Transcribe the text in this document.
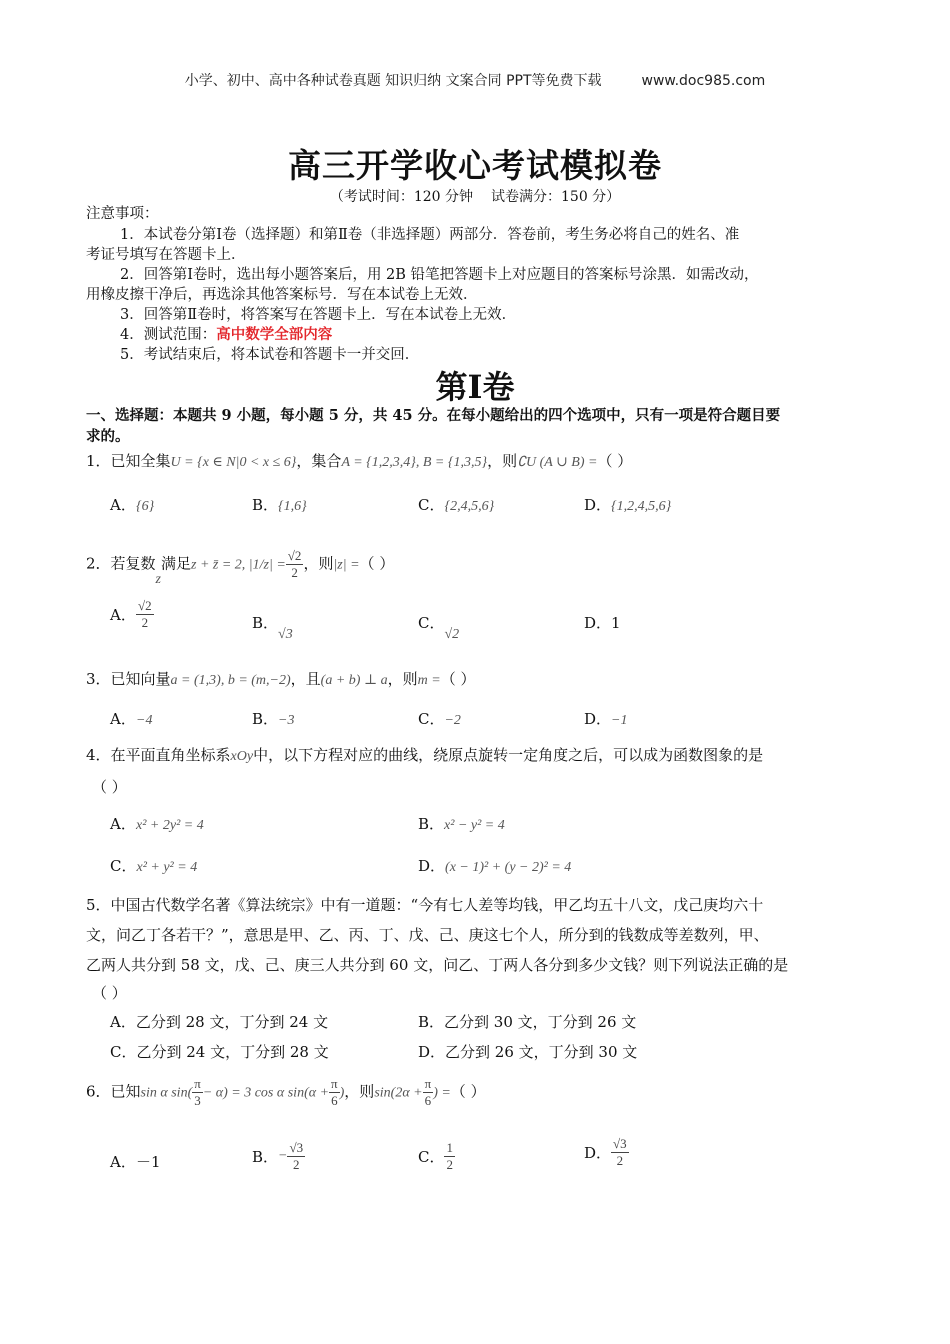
小学、初中、高中各种试卷真题 知识归纳 文案合同 PPT等免费下载	www.doc985.com
高三开学收心考试模拟卷
（考试时间：120 分钟 试卷满分：150 分）
注意事项：
1．本试卷分第Ⅰ卷（选择题）和第Ⅱ卷（非选择题）两部分．答卷前，考生务必将自己的姓名、准
考证号填写在答题卡上．
2．回答第Ⅰ卷时，选出每小题答案后，用 2B 铅笔把答题卡上对应题目的答案标号涂黑．如需改动，
用橡皮擦干净后，再选涂其他答案标号．写在本试卷上无效．
3．回答第Ⅱ卷时，将答案写在答题卡上．写在本试卷上无效．
4．测试范围：高中数学全部内容
5．考试结束后，将本试卷和答题卡一并交回．
第Ⅰ卷
一、选择题：本题共 9 小题，每小题 5 分，共 45 分。在每小题给出的四个选项中，只有一项是符合题目要
求的。
1．已知全集U = {x ∈ N|0 < x ≤ 6}，集合A = {1,2,3,4}, B = {1,3,5}，则∁U (A ∪ B) =（ ）
A．{6}	B．{1,6}	C．{2,4,5,6}	D．{1,2,4,5,6}
2．若复数z满足z + z̄ = 2, $|1/z| = \frac{√2}{2}$ ，则|z| =（ ）
A． $\frac{√2}{2}$	B．√3
C．√2
D．1
3．已知向量a = (1,3), b = (m,−2)，且(a + b) ⊥ a，则m =（ ）
A．−4	B．−3	C．−2	D．−1
4．在平面直角坐标系xOy中，以下方程对应的曲线，绕原点旋转一定角度之后，可以成为函数图象的是
（ ）
A．x² + 2y² = 4	B．x² − y² = 4
C．x² + y² = 4	D．(x − 1)² + (y − 2)² = 4
5．中国古代数学名著《算法统宗》中有一道题：“今有七人差等均钱，甲乙均五十八文，戊己庚均六十
文，问乙丁各若干？”，意思是甲、乙、丙、丁、戊、己、庚这七个人，所分到的钱数成等差数列，甲、
乙两人共分到 58 文，戊、己、庚三人共分到 60 文，问乙、丁两人各分到多少文钱？则下列说法正确的是
（ ）
A．乙分到 28 文，丁分到 24 文	B．乙分到 30 文，丁分到 26 文
C．乙分到 24 文，丁分到 28 文	D．乙分到 26 文，丁分到 30 文
6．已知sin α $\sin( \frac{\pi}{3} - \alpha) = 3$ cos α $\sin(\alpha + \frac{\pi}{6}$ )，则$\sin(2\alpha + \frac{\pi}{6}$ ) =（ ）
A．－1	B．− $\frac{√3}{2}$	C． $\frac{1}{2}$	D． $\frac{√3}{2}$
